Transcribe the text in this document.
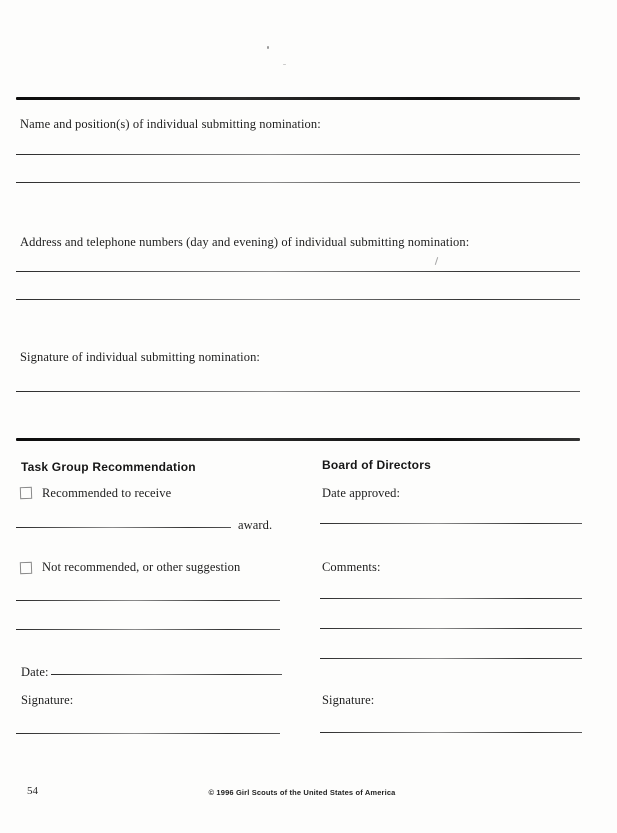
Name and position(s) of individual submitting nomination:
Address and telephone numbers (day and evening) of individual submitting nomination:
Signature of individual submitting nomination:
Task Group Recommendation
Recommended to receive
award.
Not recommended, or other suggestion
Date:
Signature:
Board of Directors
Date approved:
Comments:
Signature:
54	© 1996 Girl Scouts of the United States of America
